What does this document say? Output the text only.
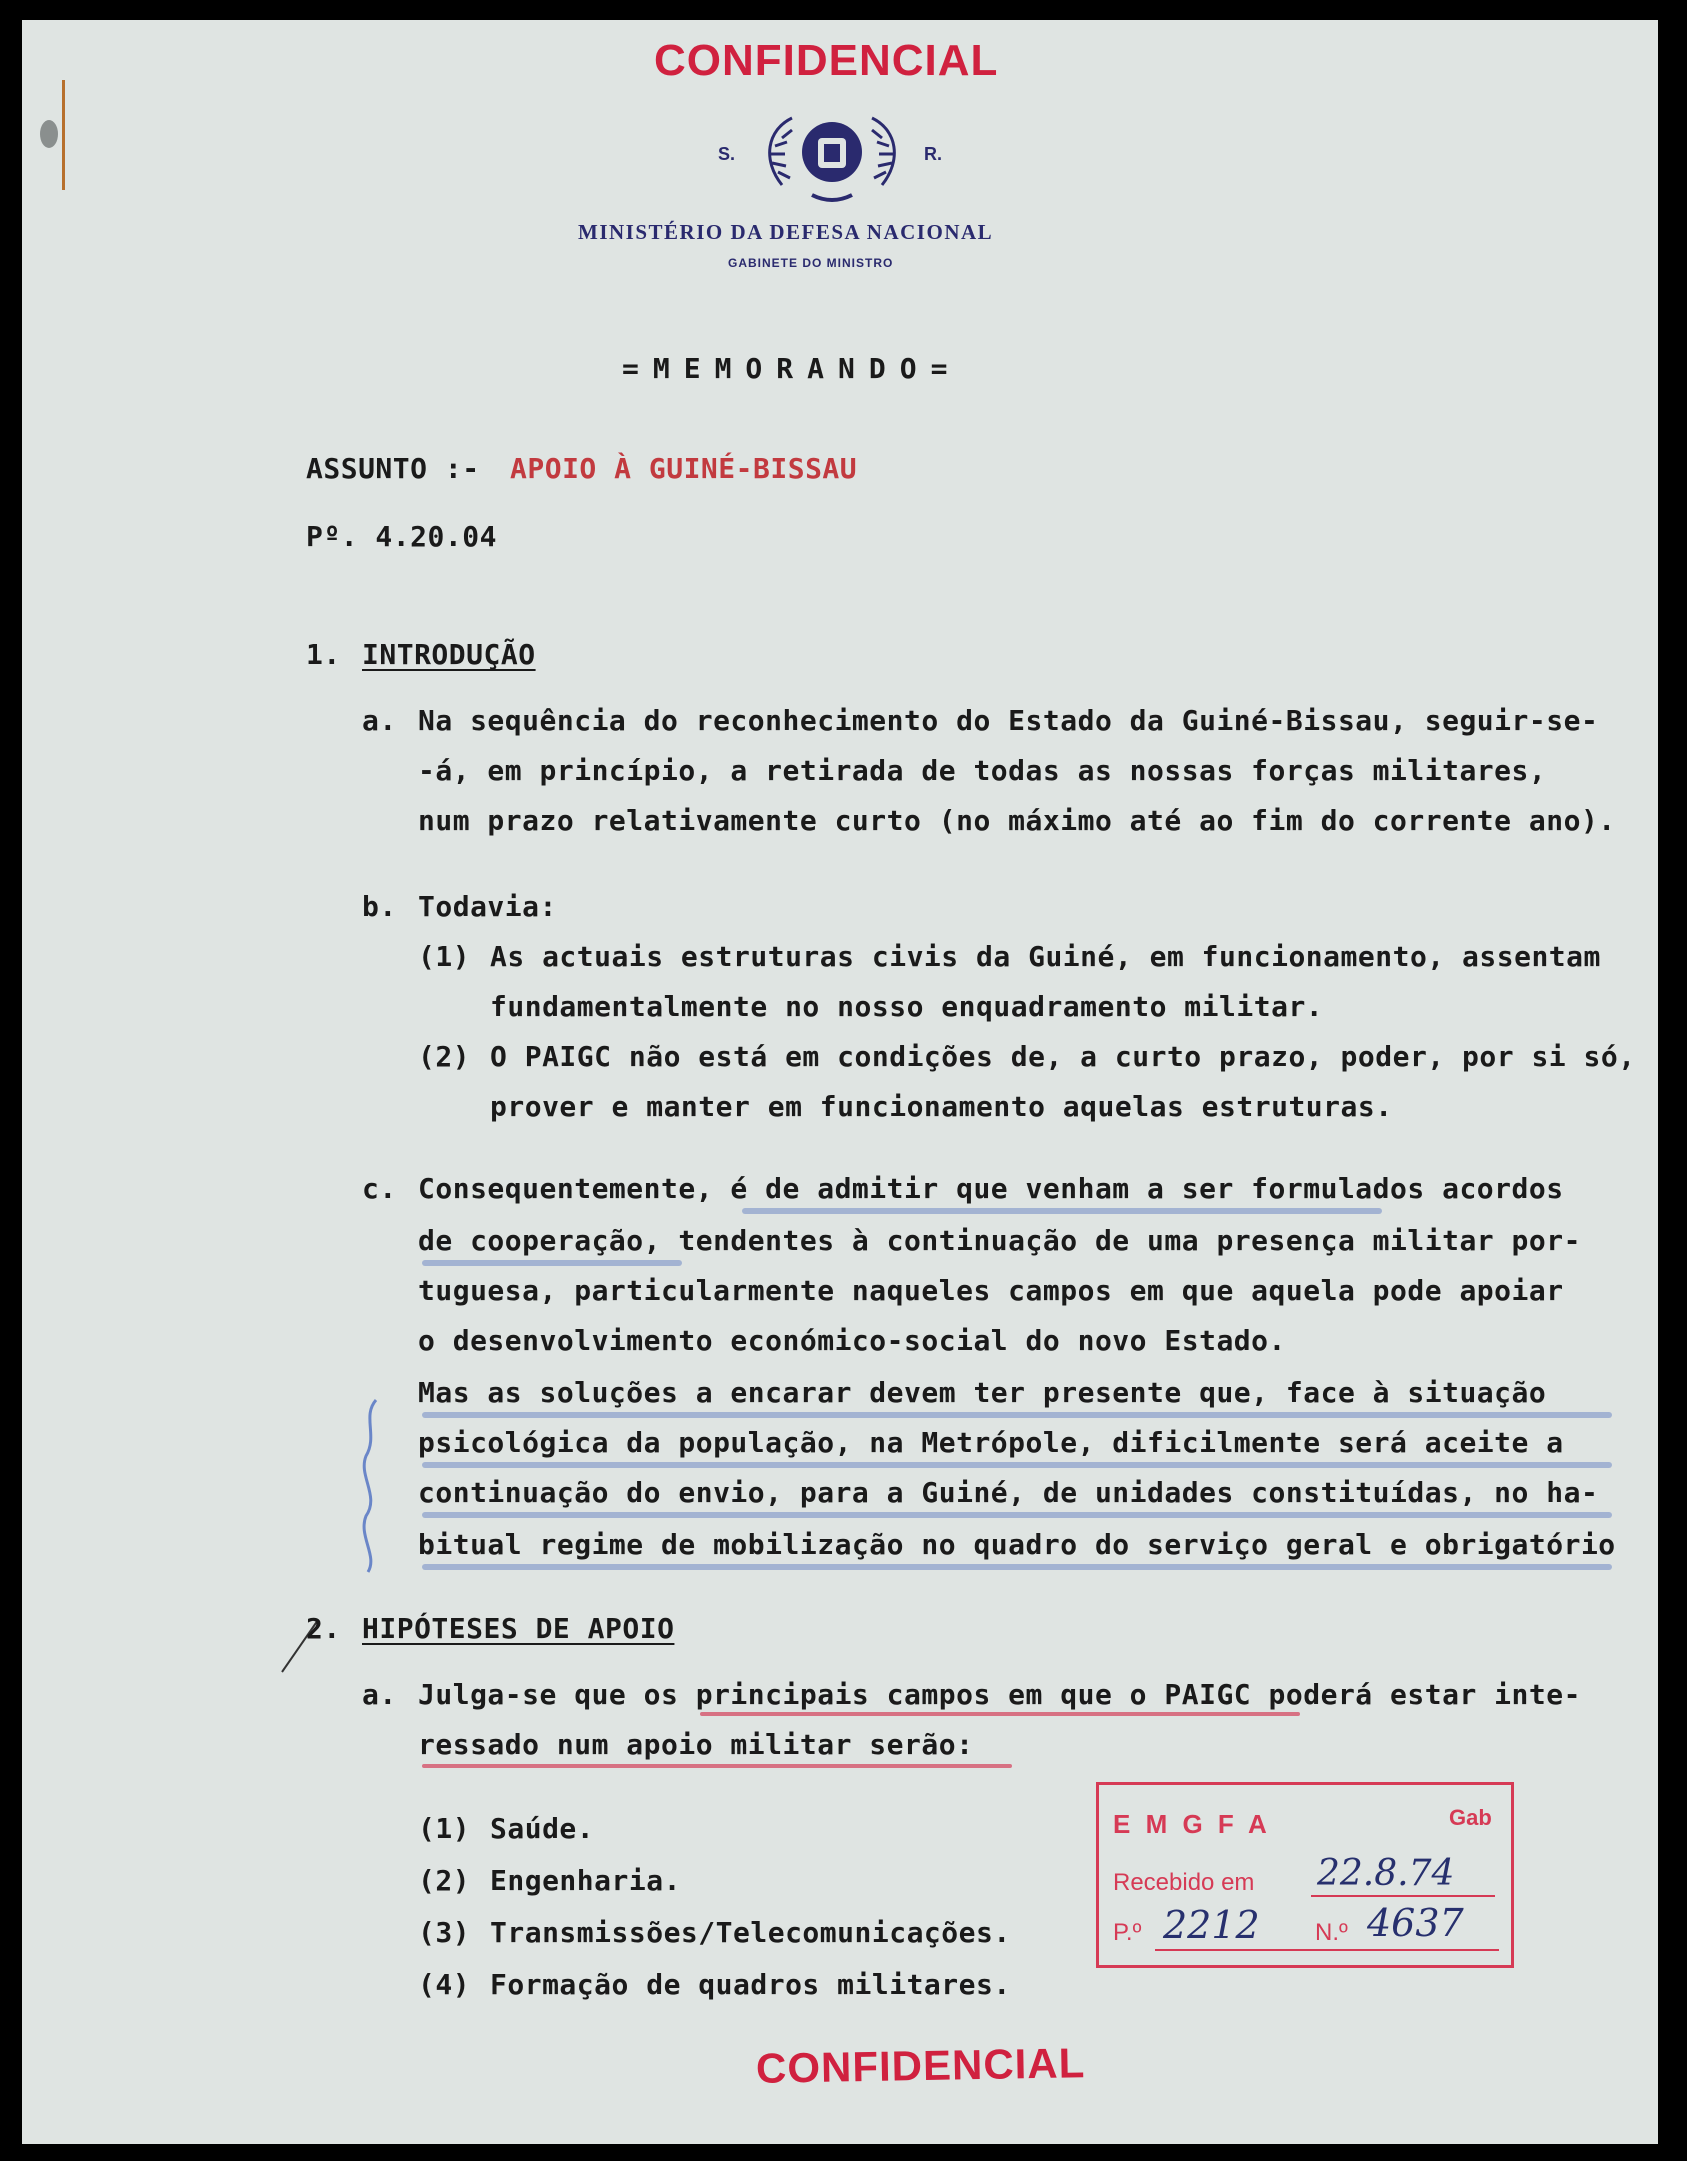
CONFIDENCIAL
S.	R.
MINISTÉRIO DA DEFESA NACIONAL
GABINETE DO MINISTRO
=MEMORANDO=
ASSUNTO :- APOIO À GUINÉ-BISSAU
Pº. 4.20.04
1. INTRODUÇÃO
a. Na sequência do reconhecimento do Estado da Guiné-Bissau, seguir-se-
-á, em princípio, a retirada de todas as nossas forças militares,
num prazo relativamente curto (no máximo até ao fim do corrente ano).
b. Todavia:
(1) As actuais estruturas civis da Guiné, em funcionamento, assentam
fundamentalmente no nosso enquadramento militar.
(2) O PAIGC não está em condições de, a curto prazo, poder, por si só,
prover e manter em funcionamento aquelas estruturas.
c. Consequentemente, é de admitir que venham a ser formulados acordos
de cooperação, tendentes à continuação de uma presença militar por-
tuguesa, particularmente naqueles campos em que aquela pode apoiar
o desenvolvimento económico-social do novo Estado.
Mas as soluções a encarar devem ter presente que, face à situação
psicológica da população, na Metrópole, dificilmente será aceite a
continuação do envio, para a Guiné, de unidades constituídas, no ha-
bitual regime de mobilização no quadro do serviço geral e obrigatório
2. HIPÓTESES DE APOIO
a. Julga-se que os principais campos em que o PAIGC poderá estar inte-
ressado num apoio militar serão:
(1) Saúde.
(2) Engenharia.
(3) Transmissões/Telecomunicações.
(4) Formação de quadros militares.
E M G F A	Gab
Recebido em 22.8.74
P.º 2212 N.º 4637
CONFIDENCIAL
